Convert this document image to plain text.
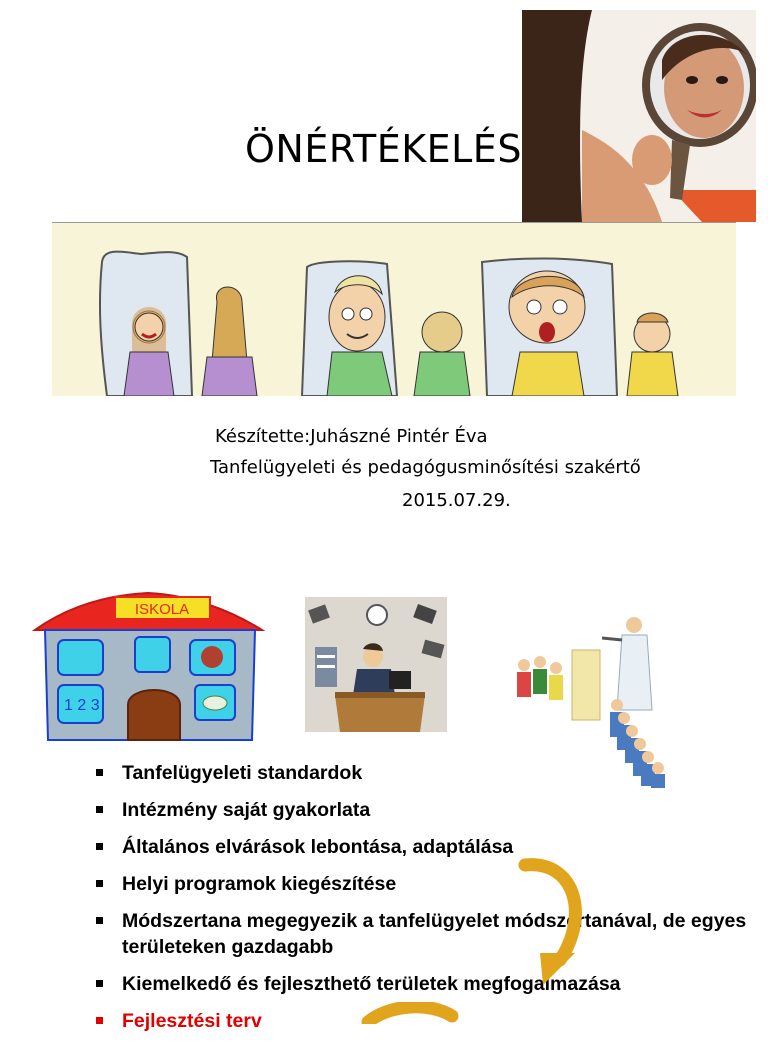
ÖNÉRTÉKELÉS
Készítette:Juhászné Pintér Éva
Tanfelügyeleti és pedagógusminősítési szakértő
2015.07.29.
ISKOLA
1 2 3
Tanfelügyeleti standardok
Intézmény saját gyakorlata
Általános elvárások lebontása, adaptálása
Helyi programok kiegészítése
Módszertana megegyezik a tanfelügyelet módszertanával, de egyes területeken gazdagabb
Kiemelkedő és fejleszthető területek megfogalmazása
Fejlesztési terv
